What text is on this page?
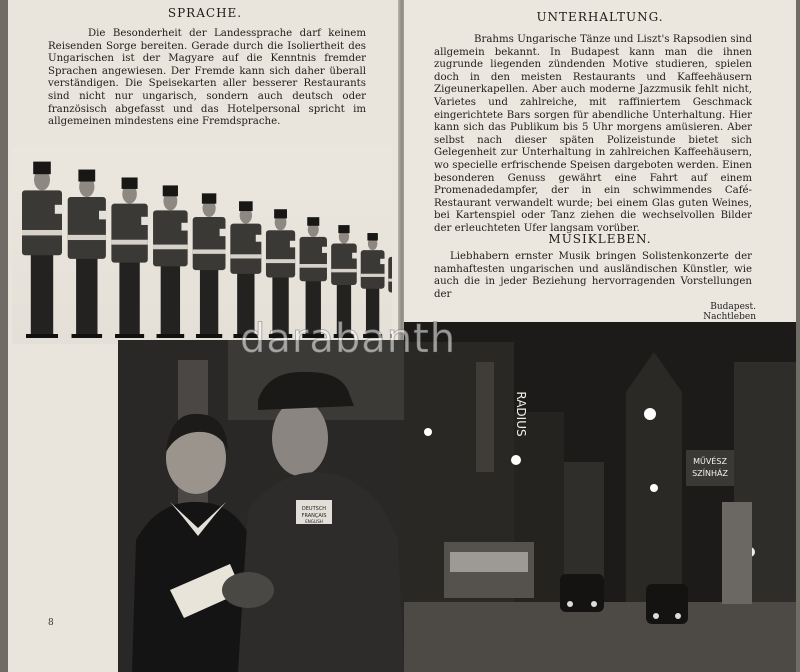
SPRACHE.

Die Besonderheit der Landessprache darf keinem Reisenden Sorge bereiten. Gerade durch die Isoliertheit des Ungarischen ist der Magyare auf die Kenntnis fremder Sprachen angewiesen. Der Fremde kann sich daher überall verständigen. Die Speisekarten aller besserer Restaurants sind nicht nur ungarisch, sondern auch deutsch oder französisch abgefasst und das Hotelpersonal spricht im allgemeinen mindestens eine Fremdsprache.

DEUTSCH
FRANÇAIS
ENGLISH
RADIUS
MŰVÉSZ
SZÍNHÁZ
UNTERHALTUNG.

Brahms Ungarische Tänze und Liszt's Rapsodien sind allgemein bekannt. In Budapest kann man die ihnen zugrunde liegenden zündenden Motive studieren, spielen doch in den meisten Restaurants und Kaffeehäusern Zigeunerkapellen. Aber auch moderne Jazzmusik fehlt nicht, Varietes und zahlreiche, mit raffiniertem Geschmack eingerichtete Bars sorgen für abendliche Unterhaltung. Hier kann sich das Publikum bis 5 Uhr morgens amüsieren. Aber selbst nach dieser späten Polizeistunde bietet sich Gelegenheit zur Unterhaltung in zahlreichen Kaffeehäusern, wo specielle erfrischende Speisen dargeboten werden. Einen besonderen Genuss gewährt eine Fahrt auf einem Promenadedampfer, der in ein schwimmendes Café-Restaurant verwandelt wurde; bei einem Glas guten Weines, bei Kartenspiel oder Tanz ziehen die wechselvollen Bilder der erleuchteten Ufer langsam vorüber.

MUSIKLEBEN.

Liebhabern ernster Musik bringen Solistenkonzerte der namhaftesten ungarischen und ausländischen Künstler, wie auch die in jeder Beziehung hervorragenden Vorstellungen der

Budapest. Nachtleben
8
darabanth
